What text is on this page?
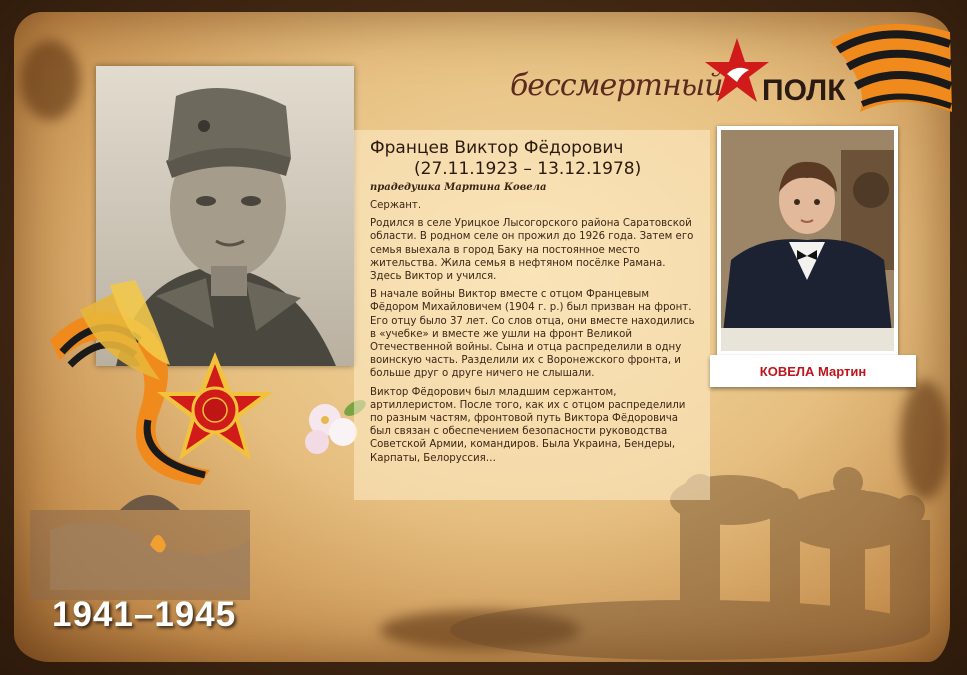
Францев Виктор Фёдорович

(27.11.1923 – 13.12.1978)

прадедушка Мартина Ковела

Сержант.

Родился в селе Урицкое Лысогорского района Саратовской области. В родном селе он прожил до 1926 года. Затем его семья выехала в город Баку на постоянное место жительства. Жила семья в нефтяном посёлке Рамана. Здесь Виктор и учился.

В начале войны Виктор вместе с отцом Францевым Фёдором Михайловичем (1904 г. р.) был призван на фронт. Его отцу было 37 лет. Со слов отца, они вместе находились в «учебке» и вместе же ушли на фронт Великой Отечественной войны. Сына и отца распределили в одну воинскую часть. Разделили их с Воронежского фронта, и больше друг о друге ничего не слышали.

Виктор Фёдорович был младшим сержантом, артиллеристом. После того, как их с отцом распределили по разным частям, фронтовой путь Виктора Фёдоровича был связан с обеспечением безопасности руководства Советской Армии, командиров. Была Украина, Бендеры, Карпаты, Белоруссия…

бессмертный ПОЛК
КОВЕЛА Мартин
1941–1945
